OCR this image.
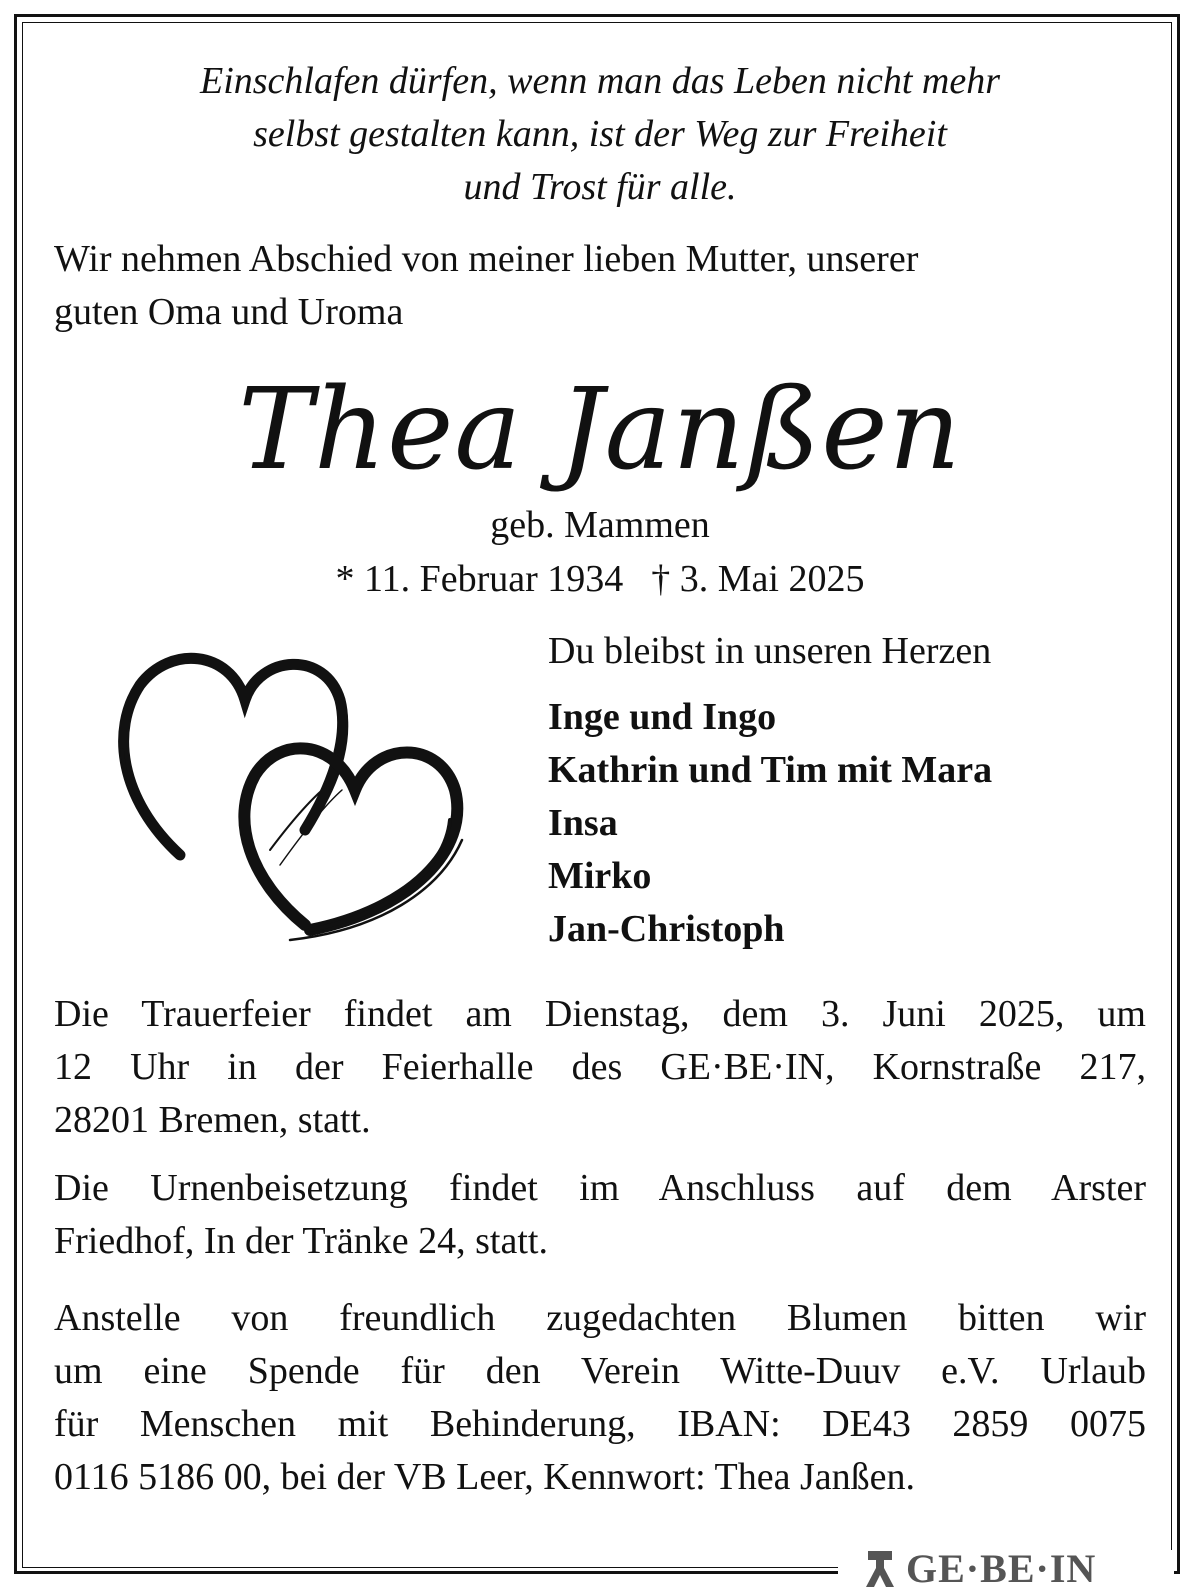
Einschlafen dürfen, wenn man das Leben nicht mehr
selbst gestalten kann, ist der Weg zur Freiheit
und Trost für alle.
Wir nehmen Abschied von meiner lieben Mutter, unserer
guten Oma und Uroma
Thea Janßen
geb. Mammen
* 11. Februar 1934 † 3. Mai 2025
Du bleibst in unseren Herzen
Inge und Ingo
Kathrin und Tim mit Mara
Insa
Mirko
Jan-Christoph
Die Trauerfeier findet am Dienstag, dem 3. Juni 2025, um
12 Uhr in der Feierhalle des GE·BE·IN, Kornstraße 217,
28201 Bremen, statt.
Die Urnenbeisetzung findet im Anschluss auf dem Arster
Friedhof, In der Tränke 24, statt.
Anstelle von freundlich zugedachten Blumen bitten wir
um eine Spende für den Verein Witte-Duuv e.V. Urlaub
für Menschen mit Behinderung, IBAN: DE43 2859 0075
0116 5186 00, bei der VB Leer, Kennwort: Thea Janßen.
GE·BE·IN
